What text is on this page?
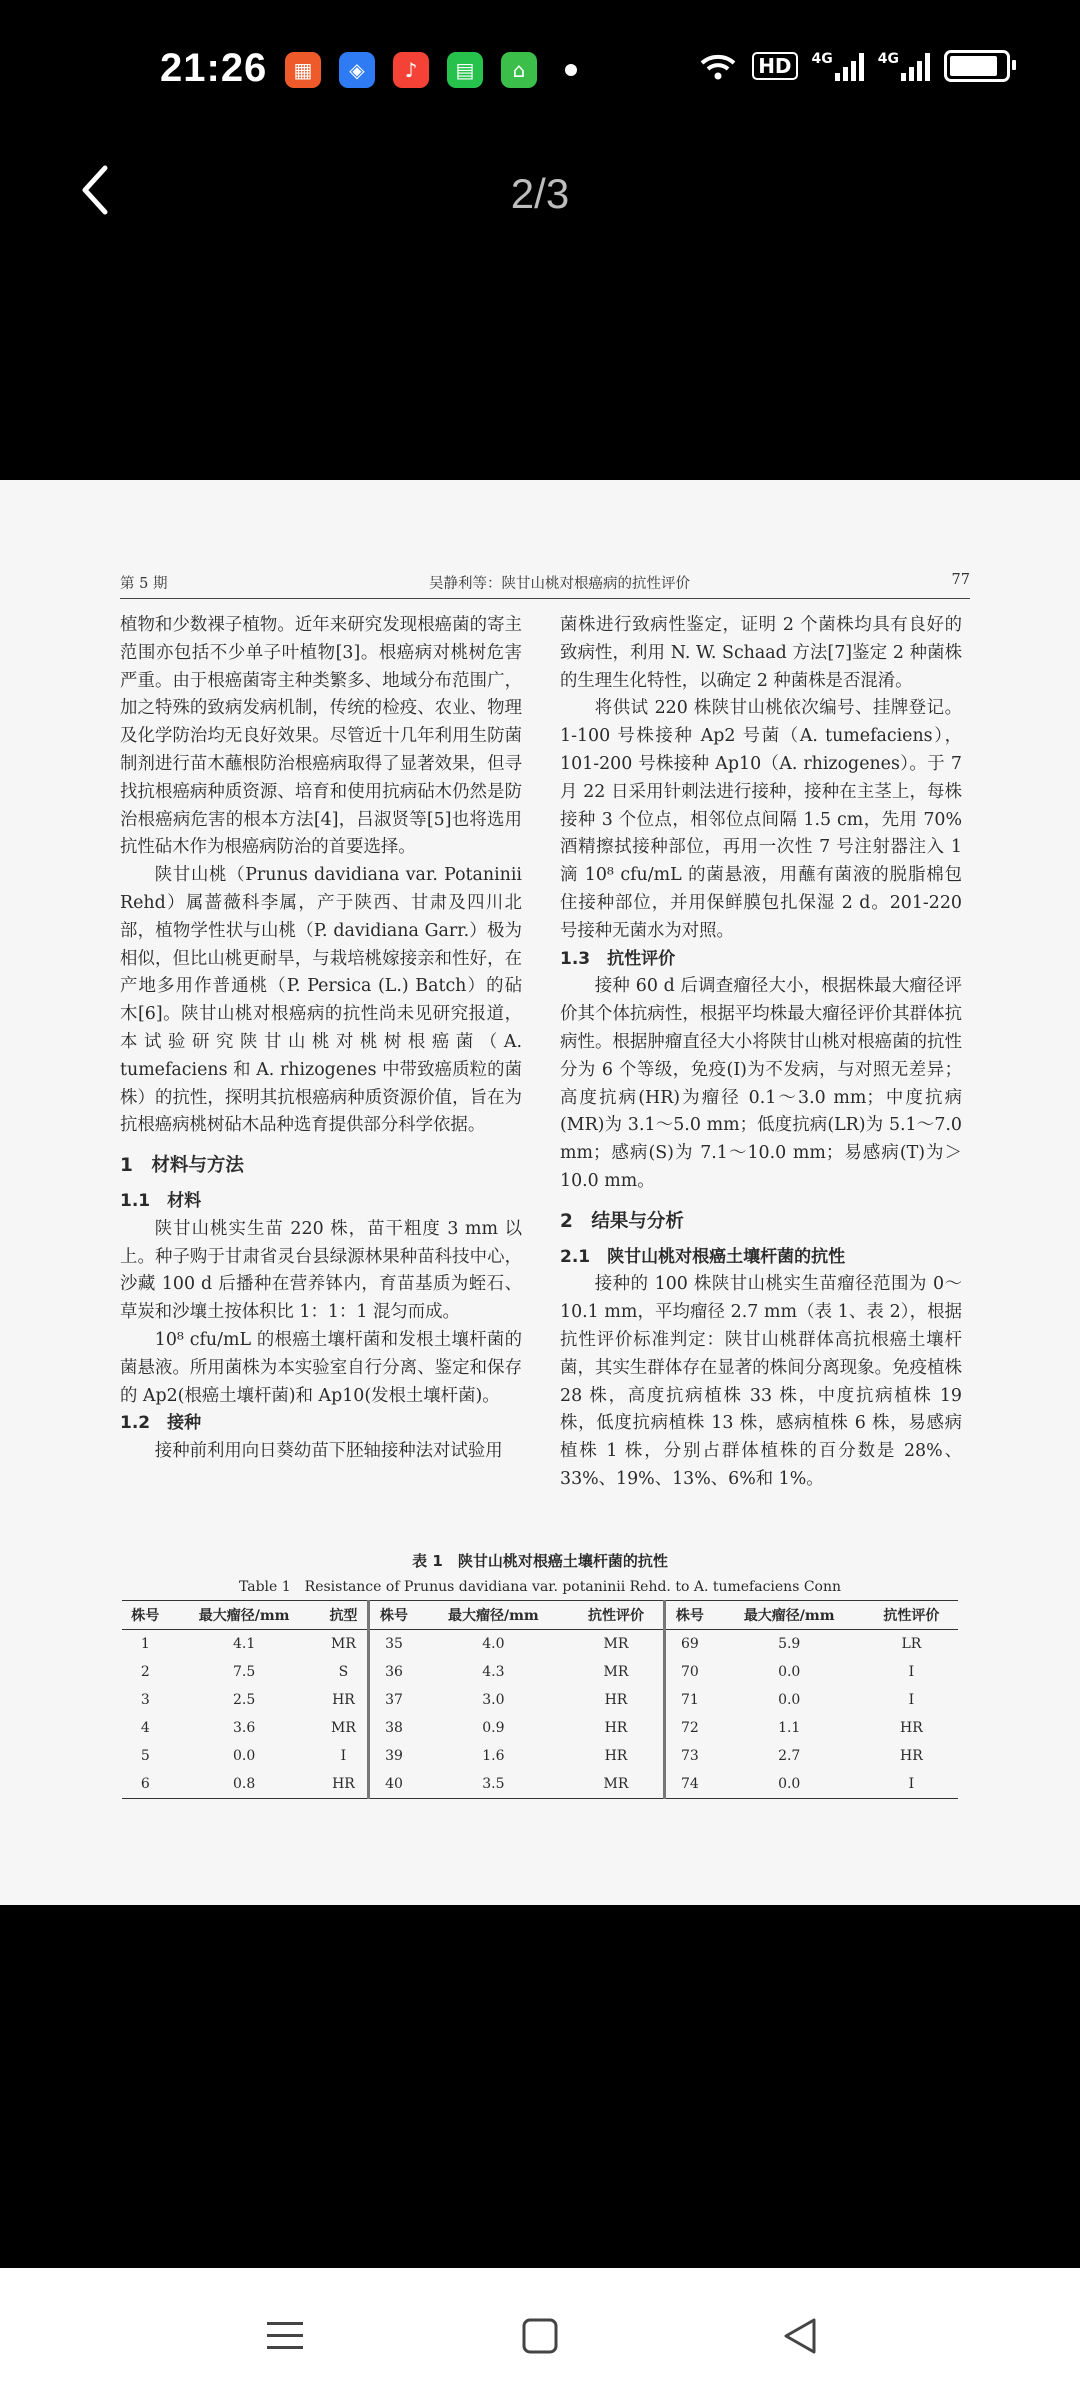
21:26	▦	◈	♪	▤	⌂	HD	4G	4G
2/3
第 5 期	吴静利等：陕甘山桃对根癌病的抗性评价	77

植物和少数裸子植物。近年来研究发现根癌菌的寄主范围亦包括不少单子叶植物[3]。根癌病对桃树危害严重。由于根癌菌寄主种类繁多、地域分布范围广，加之特殊的致病发病机制，传统的检疫、农业、物理及化学防治均无良好效果。尽管近十几年利用生防菌制剂进行苗木蘸根防治根癌病取得了显著效果，但寻找抗根癌病种质资源、培育和使用抗病砧木仍然是防治根癌病危害的根本方法[4]，吕淑贤等[5]也将选用抗性砧木作为根癌病防治的首要选择。

陕甘山桃（Prunus davidiana var. Potaninii Rehd）属蔷薇科李属，产于陕西、甘肃及四川北部，植物学性状与山桃（P. davidiana Garr.）极为相似，但比山桃更耐旱，与栽培桃嫁接亲和性好，在产地多用作普通桃（P. Persica (L.) Batch）的砧木[6]。陕甘山桃对根癌病的抗性尚未见研究报道，本试验研究陕甘山桃对桃树根癌菌（A. tumefaciens 和 A. rhizogenes 中带致癌质粒的菌株）的抗性，探明其抗根癌病种质资源价值，旨在为抗根癌病桃树砧木品种选育提供部分科学依据。

1　材料与方法
1.1　材料

陕甘山桃实生苗 220 株，苗干粗度 3 mm 以上。种子购于甘肃省灵台县绿源林果种苗科技中心，沙藏 100 d 后播种在营养钵内，育苗基质为蛭石、草炭和沙壤土按体积比 1：1：1 混匀而成。

10⁸ cfu/mL 的根癌土壤杆菌和发根土壤杆菌的菌悬液。所用菌株为本实验室自行分离、鉴定和保存的 Ap2(根癌土壤杆菌)和 Ap10(发根土壤杆菌)。

1.2　接种

接种前利用向日葵幼苗下胚轴接种法对试验用

菌株进行致病性鉴定，证明 2 个菌株均具有良好的致病性，利用 N. W. Schaad 方法[7]鉴定 2 种菌株的生理生化特性，以确定 2 种菌株是否混淆。

将供试 220 株陕甘山桃依次编号、挂牌登记。1-100 号株接种 Ap2 号菌（A. tumefaciens），101-200 号株接种 Ap10（A. rhizogenes）。于 7 月 22 日采用针刺法进行接种，接种在主茎上，每株接种 3 个位点，相邻位点间隔 1.5 cm，先用 70% 酒精擦拭接种部位，再用一次性 7 号注射器注入 1 滴 10⁸ cfu/mL 的菌悬液，用蘸有菌液的脱脂棉包住接种部位，并用保鲜膜包扎保湿 2 d。201-220 号接种无菌水为对照。

1.3　抗性评价

接种 60 d 后调查瘤径大小，根据株最大瘤径评价其个体抗病性，根据平均株最大瘤径评价其群体抗病性。根据肿瘤直径大小将陕甘山桃对根癌菌的抗性分为 6 个等级，免疫(I)为不发病，与对照无差异；高度抗病(HR)为瘤径 0.1～3.0 mm；中度抗病(MR)为 3.1～5.0 mm；低度抗病(LR)为 5.1～7.0 mm；感病(S)为 7.1～10.0 mm；易感病(T)为＞10.0 mm。

2　结果与分析
2.1　陕甘山桃对根癌土壤杆菌的抗性

接种的 100 株陕甘山桃实生苗瘤径范围为 0～10.1 mm，平均瘤径 2.7 mm（表 1、表 2），根据抗性评价标准判定：陕甘山桃群体高抗根癌土壤杆菌，其实生群体存在显著的株间分离现象。免疫植株 28 株，高度抗病植株 33 株，中度抗病植株 19 株，低度抗病植株 13 株，感病植株 6 株，易感病植株 1 株，分别占群体植株的百分数是 28%、33%、19%、13%、6%和 1%。

表 1　陕甘山桃对根癌土壤杆菌的抗性
Table 1　Resistance of Prunus davidiana var. potaninii Rehd. to A. tumefaciens Conn
株号	最大瘤径/mm	抗型	株号	最大瘤径/mm	抗性评价	株号	最大瘤径/mm	抗性评价
1	4.1	MR	35	4.0	MR	69	5.9	LR
2	7.5	S	36	4.3	MR	70	0.0	I
3	2.5	HR	37	3.0	HR	71	0.0	I
4	3.6	MR	38	0.9	HR	72	1.1	HR
5	0.0	I	39	1.6	HR	73	2.7	HR
6	0.8	HR	40	3.5	MR	74	0.0	I
